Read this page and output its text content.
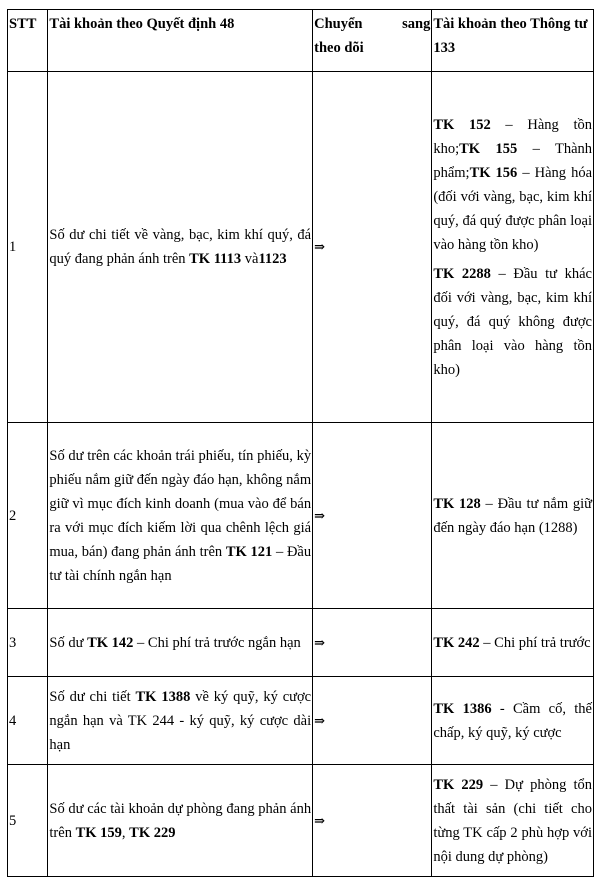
STT	Tài khoản theo Quyết định 48	Chuyển sang
theo dõi	Tài khoản theo Thông tư 133
1	Số dư chi tiết về vàng, bạc, kim khí quý, đá quý đang phản ánh trên TK 1113 và1123	⇒	TK 152 – Hàng tồn kho;TK 155 – Thành phẩm;TK 156 – Hàng hóa (đối với vàng, bạc, kim khí quý, đá quý được phân loại vào hàng tồn kho)

TK 2288 – Đầu tư khác đối với vàng, bạc, kim khí quý, đá quý không được phân loại vào hàng tồn kho)

2	Số dư trên các khoản trái phiếu, tín phiếu, kỳ phiếu nắm giữ đến ngày đáo hạn, không nắm giữ vì mục đích kinh doanh (mua vào để bán ra với mục đích kiếm lời qua chênh lệch giá mua, bán) đang phản ánh trên TK 121 – Đầu tư tài chính ngắn hạn	⇒	TK 128 – Đầu tư nắm giữ đến ngày đáo hạn (1288)
3	Số dư TK 142 – Chi phí trả trước ngắn hạn	⇒	TK 242 – Chi phí trả trước
4	Số dư chi tiết TK 1388 về ký quỹ, ký cược ngắn hạn và TK 244 - ký quỹ, ký cược dài hạn	⇒	TK 1386 - Cầm cố, thế chấp, ký quỹ, ký cược
5	Số dư các tài khoản dự phòng đang phản ánh trên TK 159, TK 229	⇒	TK 229 – Dự phòng tổn thất tài sản (chi tiết cho từng TK cấp 2 phù hợp với nội dung dự phòng)
